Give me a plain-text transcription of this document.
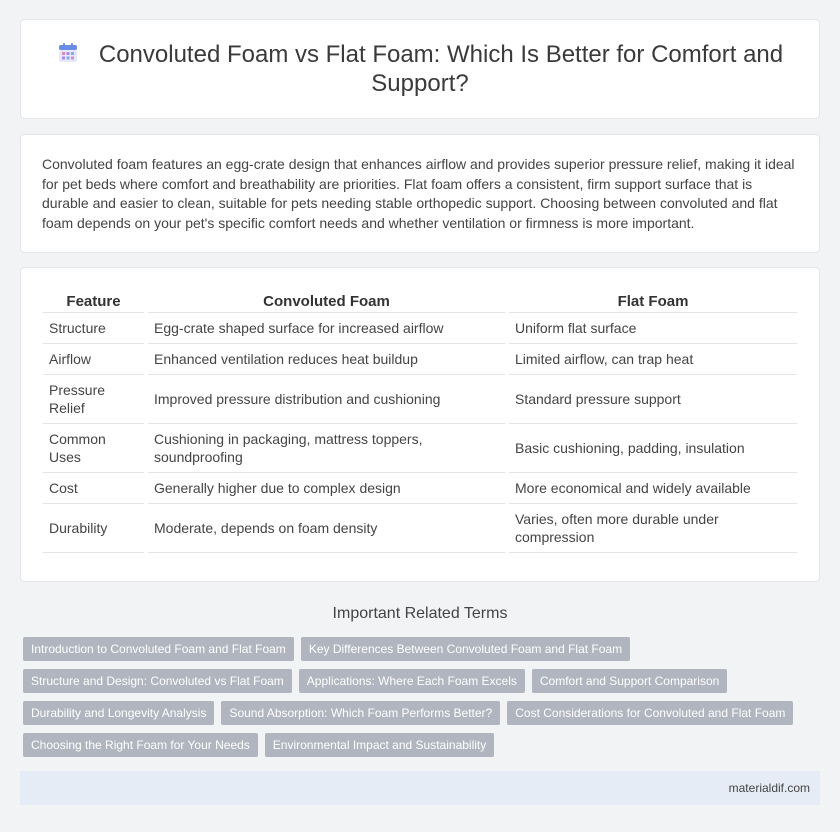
Convoluted Foam vs Flat Foam: Which Is Better for Comfort and Support?

Convoluted foam features an egg-crate design that enhances airflow and provides superior pressure relief, making it ideal for pet beds where comfort and breathability are priorities. Flat foam offers a consistent, firm support surface that is durable and easier to clean, suitable for pets needing stable orthopedic support. Choosing between convoluted and flat foam depends on your pet's specific comfort needs and whether ventilation or firmness is more important.

Feature	Convoluted Foam	Flat Foam
Structure	Egg-crate shaped surface for increased airflow	Uniform flat surface
Airflow	Enhanced ventilation reduces heat buildup	Limited airflow, can trap heat
Pressure Relief	Improved pressure distribution and cushioning	Standard pressure support
Common Uses	Cushioning in packaging, mattress toppers, soundproofing	Basic cushioning, padding, insulation
Cost	Generally higher due to complex design	More economical and widely available
Durability	Moderate, depends on foam density	Varies, often more durable under compression
Important Related Terms
Introduction to Convoluted Foam and Flat Foam	Key Differences Between Convoluted Foam and Flat Foam
Structure and Design: Convoluted vs Flat Foam	Applications: Where Each Foam Excels	Comfort and Support Comparison
Durability and Longevity Analysis	Sound Absorption: Which Foam Performs Better?	Cost Considerations for Convoluted and Flat Foam
Choosing the Right Foam for Your Needs	Environmental Impact and Sustainability
materialdif.com
